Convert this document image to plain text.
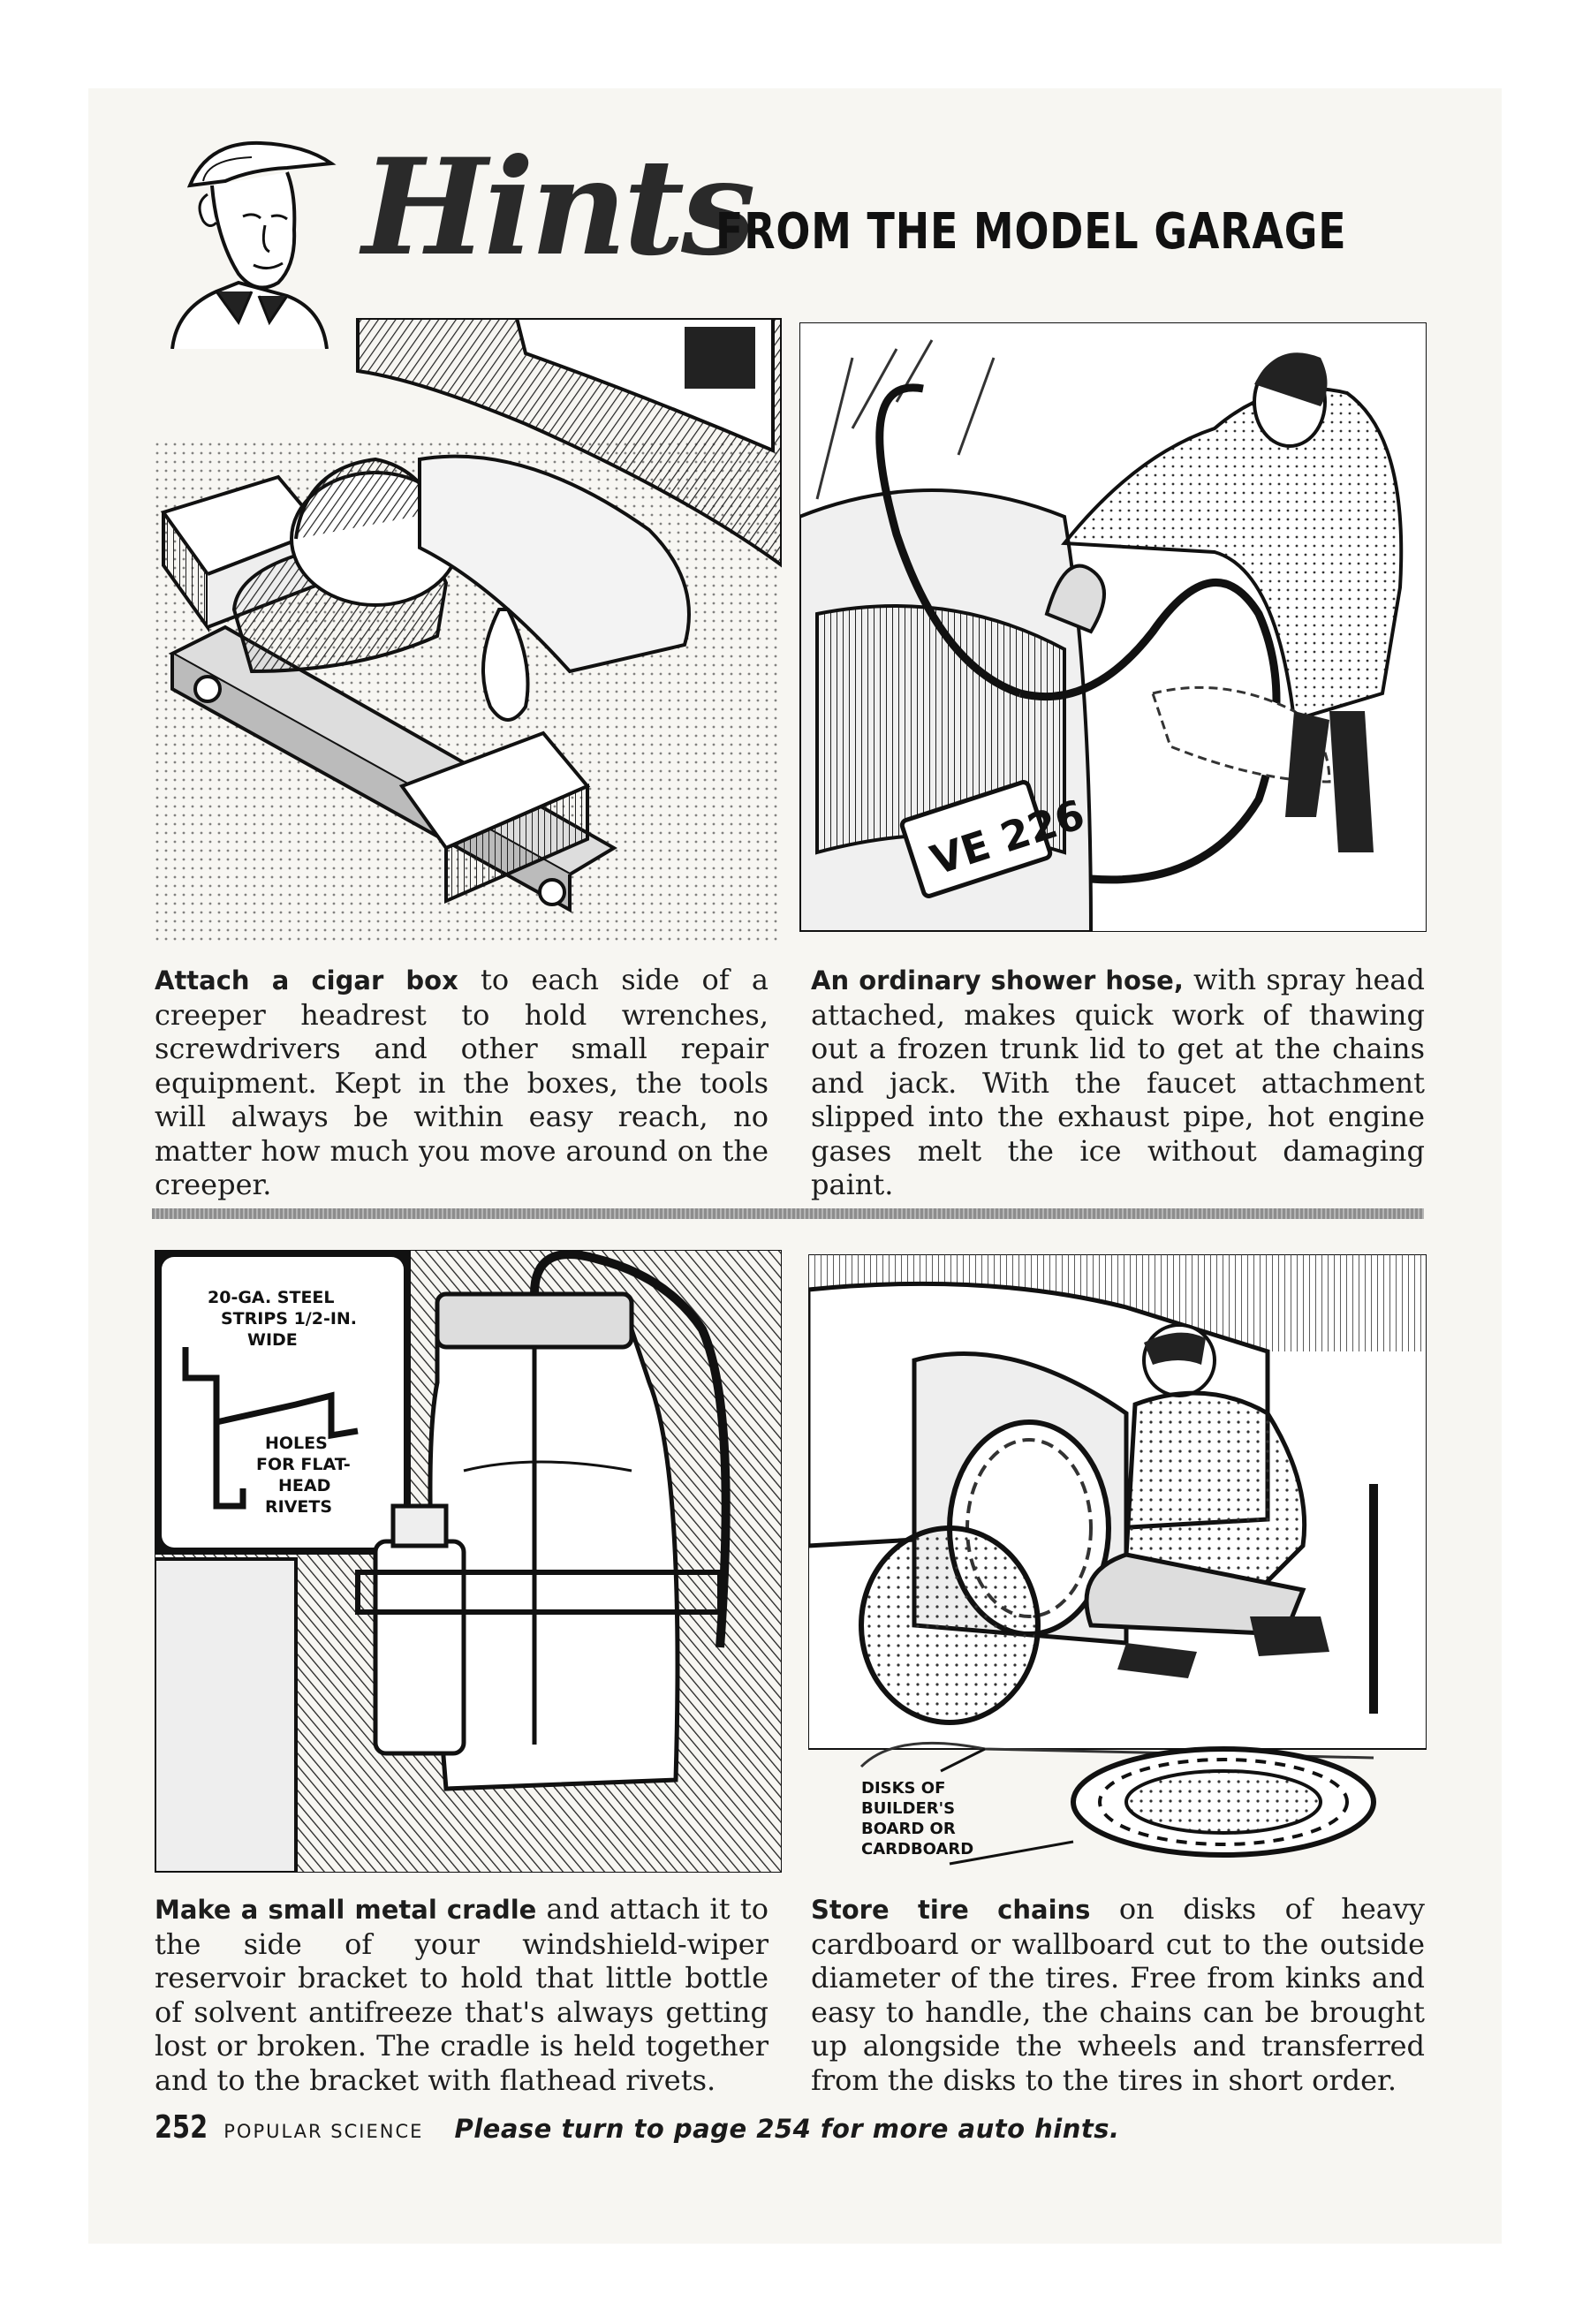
Hints
FROM THE MODEL GARAGE
VE 226
Attach a cigar box to each side of a creeper headrest to hold wrenches, screwdrivers and other small repair equipment. Kept in the boxes, the tools will always be within easy reach, no matter how much you move around on the creeper.
An ordinary shower hose, with spray head attached, makes quick work of thawing out a frozen trunk lid to get at the chains and jack. With the faucet attachment slipped into the exhaust pipe, hot engine gases melt the ice without damaging paint.
20-GA. STEEL
STRIPS 1/2-IN.
WIDE
HOLES
FOR FLAT-
HEAD
RIVETS
DISKS OF
BUILDER'S
BOARD OR
CARDBOARD
Make a small metal cradle and attach it to the side of your windshield-wiper reservoir bracket to hold that little bottle of solvent antifreeze that's always getting lost or broken. The cradle is held together and to the bracket with flathead rivets.
Store tire chains on disks of heavy cardboard or wallboard cut to the outside diameter of the tires. Free from kinks and easy to handle, the chains can be brought up alongside the wheels and transferred from the disks to the tires in short order.
252 POPULAR SCIENCE Please turn to page 254 for more auto hints.
